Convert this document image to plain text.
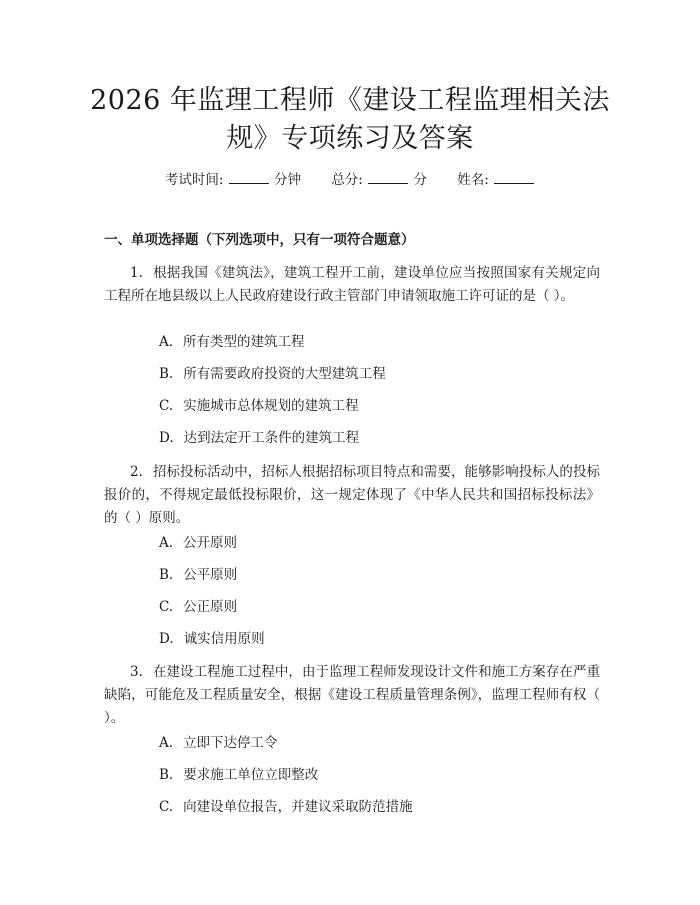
2026 年监理工程师《建设工程监理相关法
规》专项练习及答案
考试时间:	分钟 总分:	分 姓名:
一、单项选择题（下列选项中，只有一项符合题意）

1. 根据我国《建筑法》，建筑工程开工前，建设单位应当按照国家有关规定向工程所在地县级以上人民政府建设行政主管部门申请领取施工许可证的是（ ）。

A. 所有类型的建筑工程
B. 所有需要政府投资的大型建筑工程
C. 实施城市总体规划的建筑工程
D. 达到法定开工条件的建筑工程

2. 招标投标活动中，招标人根据招标项目特点和需要，能够影响投标人的投标报价的，不得规定最低投标限价，这一规定体现了《中华人民共和国招标投标法》的（ ）原则。

A. 公开原则
B. 公平原则
C. 公正原则
D. 诚实信用原则

3. 在建设工程施工过程中，由于监理工程师发现设计文件和施工方案存在严重缺陷，可能危及工程质量安全，根据《建设工程质量管理条例》，监理工程师有权（ ）。

A. 立即下达停工令
B. 要求施工单位立即整改
C. 向建设单位报告，并建议采取防范措施
